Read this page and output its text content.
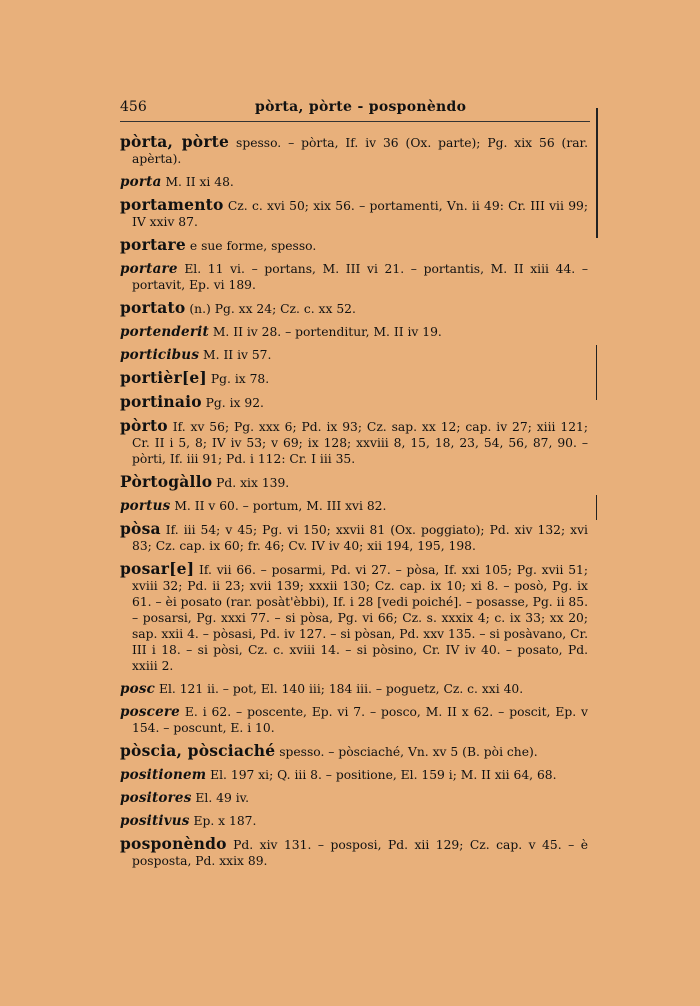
456	pòrta, pòrte - posponèndo

pòrta, pòrte spesso. – pòrta, If. iv 36 (Ox. parte); Pg. xix 56 (rar. apèrta).

porta M. II xi 48.

portamento Cz. c. xvi 50; xix 56. – portamenti, Vn. ii 49: Cr. III vii 99; IV xxiv 87.

portare e sue forme, spesso.

portare El. 11 vi. – portans, M. III vi 21. – portantis, M. II xiii 44. – portavit, Ep. vi 189.

portato (n.) Pg. xx 24; Cz. c. xx 52.

portenderit M. II iv 28. – portenditur, M. II iv 19.

porticibus M. II iv 57.

portièr[e] Pg. ix 78.

portinaio Pg. ix 92.

pòrto If. xv 56; Pg. xxx 6; Pd. ix 93; Cz. sap. xx 12; cap. iv 27; xiii 121; Cr. II i 5, 8; IV iv 53; v 69; ix 128; xxviii 8, 15, 18, 23, 54, 56, 87, 90. – pòrti, If. iii 91; Pd. i 112: Cr. I iii 35.

Pòrtogàllo Pd. xix 139.

portus M. II v 60. – portum, M. III xvi 82.

pòsa If. iii 54; v 45; Pg. vi 150; xxvii 81 (Ox. poggiato); Pd. xiv 132; xvi 83; Cz. cap. ix 60; fr. 46; Cv. IV iv 40; xii 194, 195, 198.

posar[e] If. vii 66. – posarmi, Pd. vi 27. – pòsa, If. xxi 105; Pg. xvii 51; xviii 32; Pd. ii 23; xvii 139; xxxii 130; Cz. cap. ix 10; xi 8. – posò, Pg. ix 61. – èi posato (rar. posàt'èbbi), If. i 28 [vedi poiché]. – posasse, Pg. ii 85. – posarsi, Pg. xxxi 77. – si pòsa, Pg. vi 66; Cz. s. xxxix 4; c. ix 33; xx 20; sap. xxii 4. – pòsasi, Pd. iv 127. – si pòsan, Pd. xxv 135. – si posàvano, Cr. III i 18. – si pòsi, Cz. c. xviii 14. – si pòsino, Cr. IV iv 40. – posato, Pd. xxiii 2.

posc El. 121 ii. – pot, El. 140 iii; 184 iii. – poguetz, Cz. c. xxi 40.

poscere E. i 62. – poscente, Ep. vi 7. – posco, M. II x 62. – poscit, Ep. v 154. – poscunt, E. i 10.

pòscia, pòsciaché spesso. – pòsciaché, Vn. xv 5 (B. pòi che).

positionem El. 197 xi; Q. iii 8. – positione, El. 159 i; M. II xii 64, 68.

positores El. 49 iv.

positivus Ep. x 187.

posponèndo Pd. xiv 131. – posposi, Pd. xii 129; Cz. cap. v 45. – è posposta, Pd. xxix 89.
